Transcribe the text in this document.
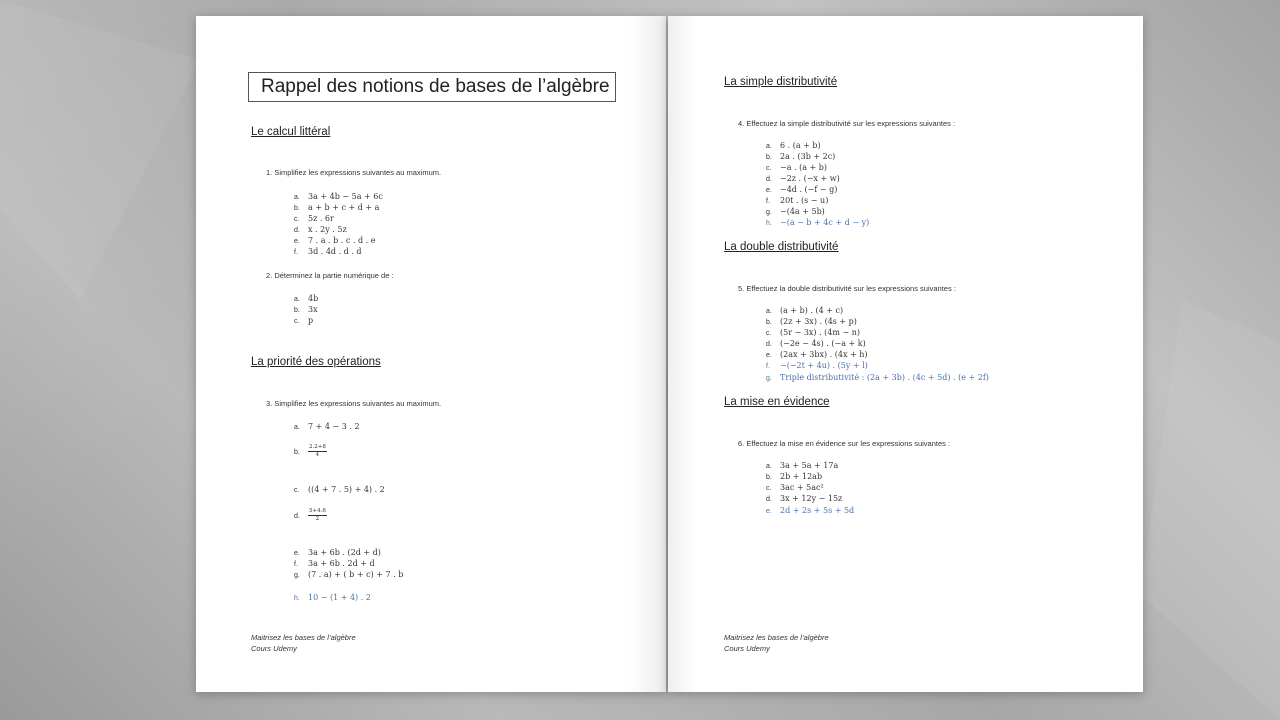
Rappel des notions de bases de l’algèbre
Le calcul littéral
1. Simplifiez les expressions suivantes au maximum.
a. 3a + 4b − 5a + 6c
b. a + b + c + d + a
c. 5z . 6r
d. x . 2y . 5z
e. 7 . a . b . c . d . e
f. 3d . 4d . d . d
2. Déterminez la partie numérique de :
a. 4b
b. 3x
c. p
La priorité des opérations
3. Simplifiez les expressions suivantes au maximum.
a. 7 + 4 − 3 . 2
b. $\frac{2.2+8}{4}$
c. ((4 + 7 . 5) + 4) . 2
d. $\frac{5+4.6}{2}$
e. 3a + 6b . (2d + d)
f. 3a + 6b . 2d + d
g. (7 . a) + ( b + c) + 7 . b
h. 10 − (1 + 4) . 2
Maitrisez les bases de l’algèbre
Cours Udemy
La simple distributivité
4. Effectuez la simple distributivité sur les expressions suivantes :
a. 6 . (a + b)
b. 2a . (3b + 2c)
c. −a . (a + b)
d. −2z . (−x + w)
e. −4d . (−f − g)
f. 20t . (s − u)
g. −(4a + 5b)
h. −(a − b + 4c + d − y)
La double distributivité
5. Effectuez la double distributivité sur les expressions suivantes :
a. (a + b) . (4 + c)
b. (2z + 3x) . (4s + p)
c. (5r − 3x) . (4m − n)
d. (−2e − 4s) . (−a + k)
e. (2ax + 3bx) . (4x + h)
f. −(−2t + 4u) . (5y + l)
g. Triple distributivité : (2a + 3b) . (4c + 5d) . (e + 2f)
La mise en évidence
6. Effectuez la mise en évidence sur les expressions suivantes :
a. 3a + 5a + 17a
b. 2b + 12ab
c. 3ac + 5ac²
d. 3x + 12y − 15z
e. 2d + 2s + 5s + 5d
Maitrisez les bases de l’algèbre
Cours Udemy
